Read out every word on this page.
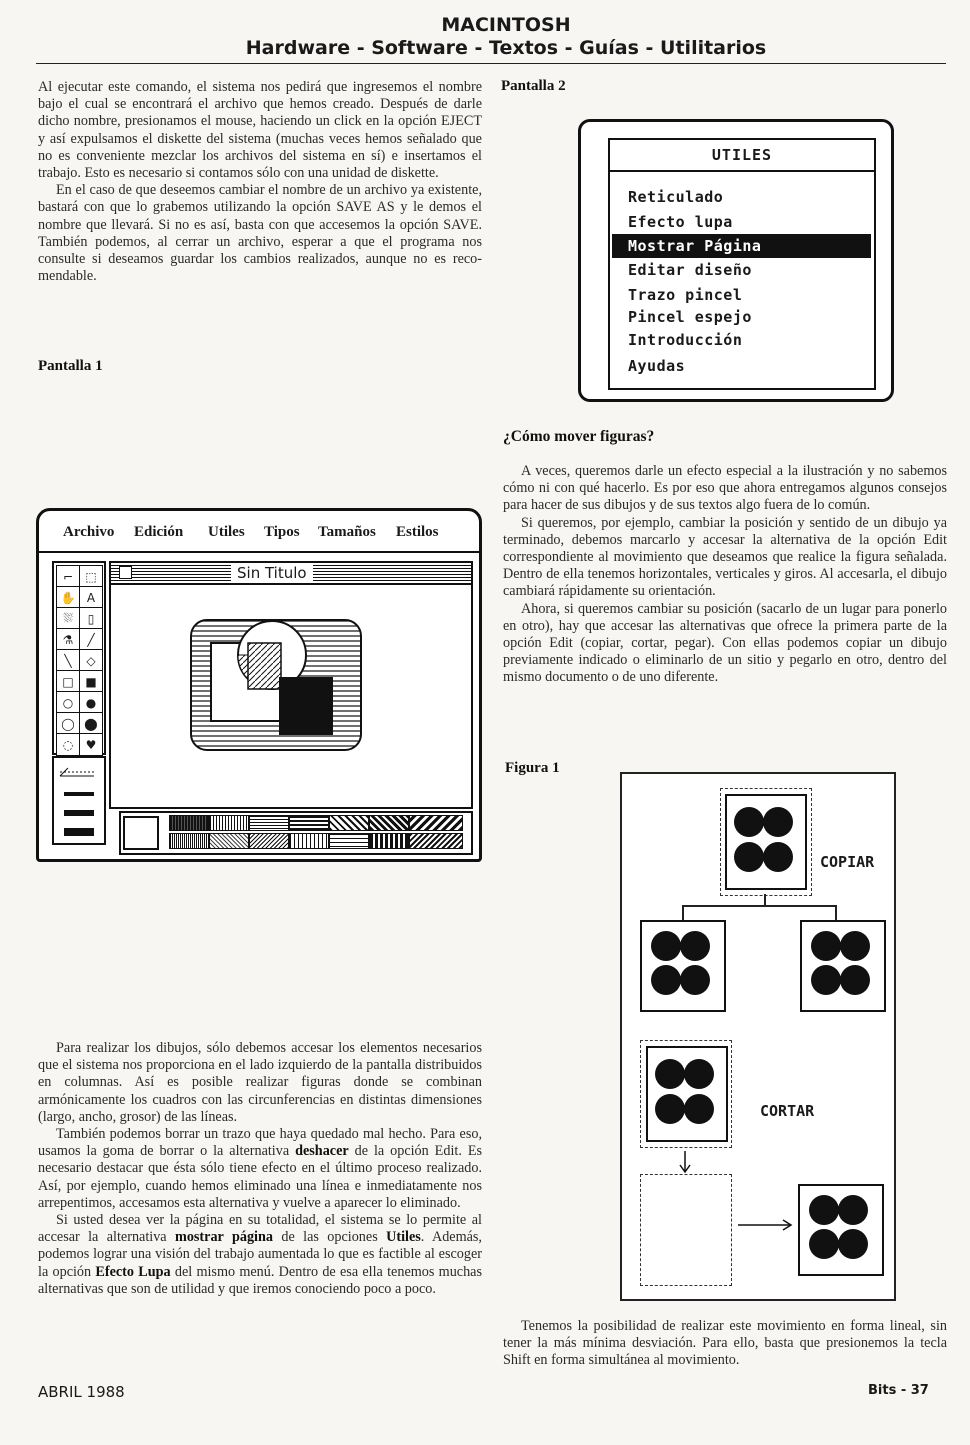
MACINTOSH
Hardware - Software - Textos - Guías - Utilitarios

Al ejecutar este comando, el sistema nos pedirá que ingresemos el nombre bajo el cual se encontrará el archivo que hemos creado. Después de darle dicho nombre, presionamos el mouse, haciendo un click en la opción EJECT y así expulsamos el diskette del sistema (muchas veces hemos señalado que no es conveniente mezclar los archivos del sistema en sí) e insertamos el trabajo. Esto es necesario si contamos sólo con una unidad de diskette.

En el caso de que deseemos cambiar el nombre de un archivo ya existente, bastará con que lo grabemos utilizando la opción SAVE AS y le demos el nombre que llevará. Si no es así, basta con que accesemos la opción SAVE. También podemos, al cerrar un archivo, esperar a que el programa nos consulte si deseamos guardar los cambios realizados, aunque no es recomendable.

Pantalla 1
Pantalla 2
UTILES
Reticulado
Efecto lupa
Mostrar Página
Editar diseño
Trazo pincel
Pincel espejo
Introducción
Ayudas
¿Cómo mover figuras?

A veces, queremos darle un efecto especial a la ilustración y no sabemos cómo ni con qué hacerlo. Es por eso que ahora entregamos algunos consejos para hacer de sus dibujos y de sus textos algo fuera de lo común.

Si queremos, por ejemplo, cambiar la posición y sentido de un dibujo ya terminado, debemos marcarlo y accesar la alternativa de la opción Edit correspondiente al movimiento que deseamos que realice la figura señalada. Dentro de ella tenemos horizontales, verticales y giros. Al accesarla, el dibujo cambiará rápidamente su orientación.

Ahora, si queremos cambiar su posición (sacarlo de un lugar para ponerlo en otro), hay que accesar las alternativas que ofrece la primera parte de la opción Edit (copiar, cortar, pegar). Con ellas podemos copiar un dibujo previamente indicado o eliminarlo de un sitio y pegarlo en otro, dentro del mismo documento o de uno diferente.

Archivo Edición Utiles Tipos Tamaños Estilos
⌐	⬚
✋ A
⛆	▯
⚗	╱
╲	◇
□ ■
○	●
◯ ⬤
◌	♥
Sin Titulo
Figura 1
COPIAR
CORTAR

Para realizar los dibujos, sólo debemos accesar los elementos necesarios que el sistema nos proporciona en el lado izquierdo de la pantalla distribuidos en columnas. Así es posible realizar figuras donde se combinan armónicamente los cuadros con las circunferencias en distintas dimensiones (largo, ancho, grosor) de las líneas.

También podemos borrar un trazo que haya quedado mal hecho. Para eso, usamos la goma de borrar o la alternativa deshacer de la opción Edit. Es necesario destacar que ésta sólo tiene efecto en el último proceso realizado. Así, por ejemplo, cuando hemos eliminado una línea e inmediatamente nos arrepentimos, accesamos esta alternativa y vuelve a aparecer lo eliminado.

Si usted desea ver la página en su totalidad, el sistema se lo permite al accesar la alternativa mostrar página de las opciones Utiles. Además, podemos lograr una visión del trabajo aumentada lo que es factible al escoger la opción Efecto Lupa del mismo menú. Dentro de esa ella tenemos muchas alternativas que son de utilidad y que iremos conociendo poco a poco.

Tenemos la posibilidad de realizar este movimiento en forma lineal, sin tener la más mínima desviación. Para ello, basta que presionemos la tecla Shift en forma simultánea al movimiento.

ABRIL 1988	Bits - 37
